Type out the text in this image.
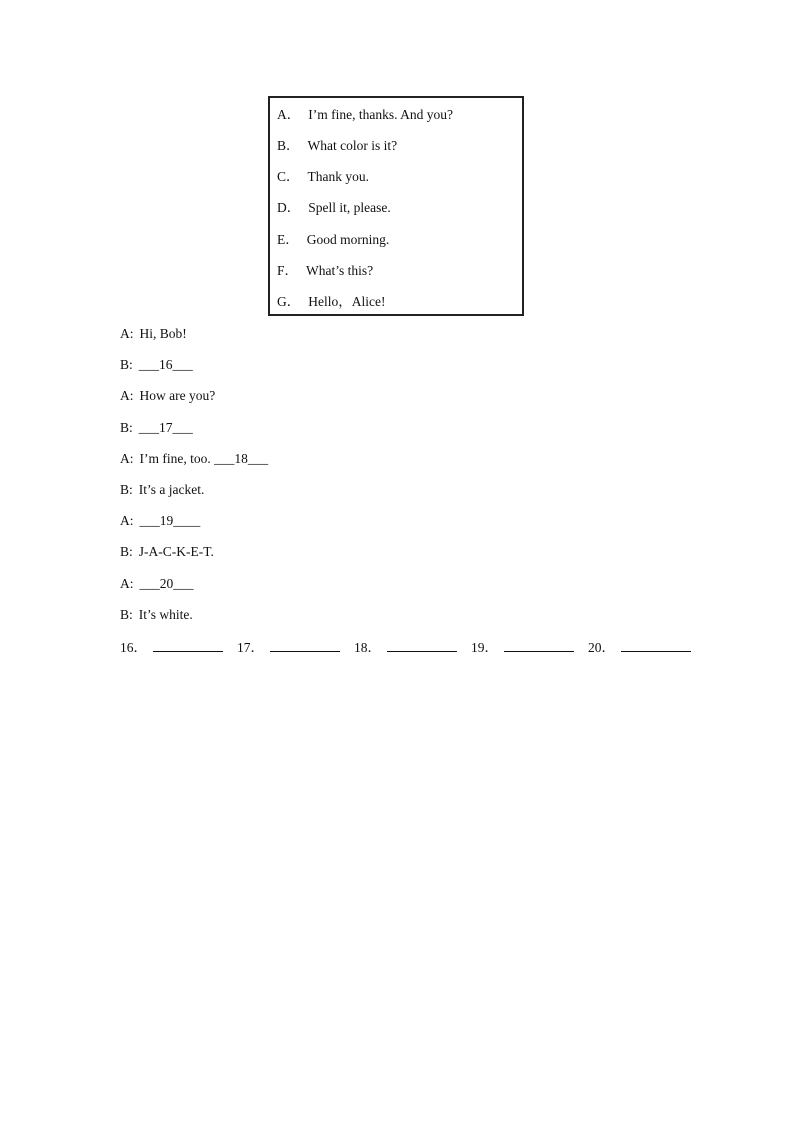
A． I’m fine, thanks. And you?
B． What color is it?
C． Thank you.
D． Spell it, please.
E． Good morning.
F． What’s this?
G． Hello，Alice!
A: Hi, Bob!
B: ___16___
A: How are you?
B: ___17___
A: I’m fine, too. ___18___
B: It’s a jacket.
A: ___19____
B: J-A-C-K-E-T.
A: ___20___
B: It’s white.
16．	17．	18．	19．	20．
